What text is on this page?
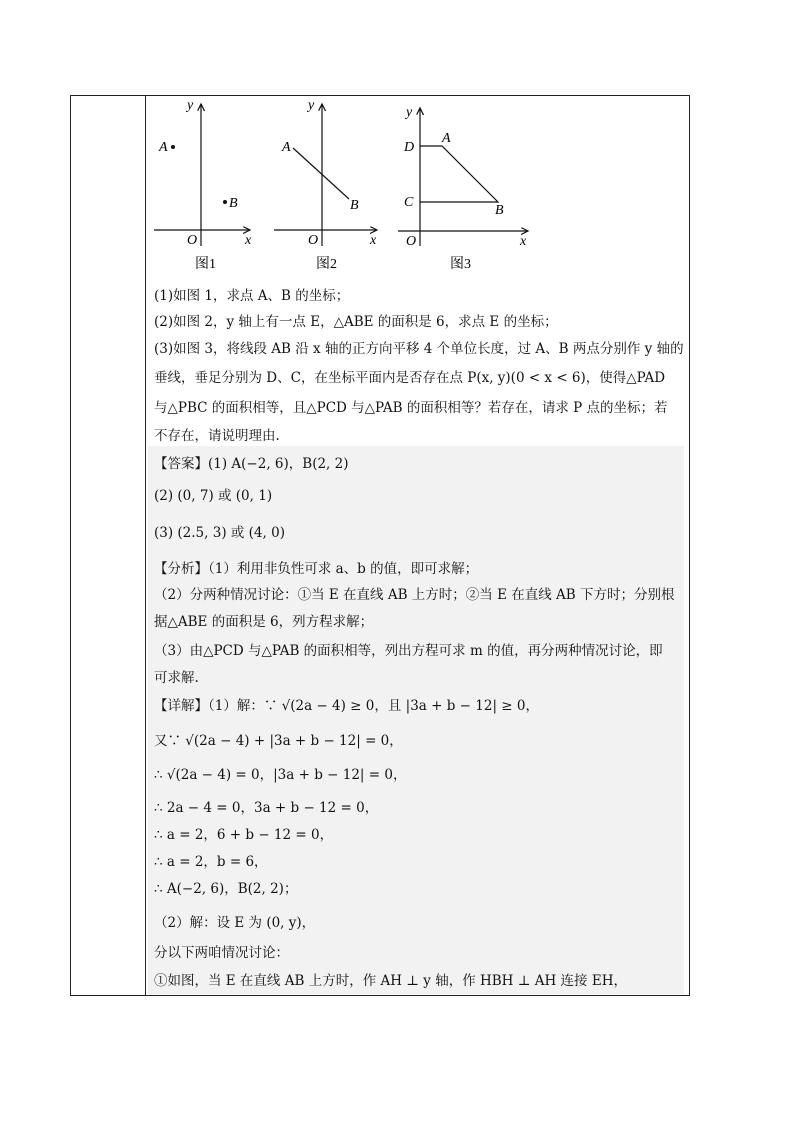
y
x
O
A
B
图1
y
x
O
A
B
图2
y
x
O
A
B
C
D
图3
(1)如图 1，求点 A、B 的坐标；
(2)如图 2，y 轴上有一点 E，△ABE 的面积是 6，求点 E 的坐标；
(3)如图 3，将线段 AB 沿 x 轴的正方向平移 4 个单位长度，过 A、B 两点分别作 y 轴的
垂线，垂足分别为 D、C，在坐标平面内是否存在点 P(x, y)(0 < x < 6)，使得△PAD
与△PBC 的面积相等，且△PCD 与△PAB 的面积相等？若存在，请求 P 点的坐标；若
不存在，请说明理由.
【答案】(1) A(−2, 6)，B(2, 2)
(2) (0, 7) 或 (0, 1)
(3) (2.5, 3) 或 (4, 0)
【分析】（1）利用非负性可求 a、b 的值，即可求解；
（2）分两种情况讨论：①当 E 在直线 AB 上方时；②当 E 在直线 AB 下方时；分别根
据△ABE 的面积是 6，列方程求解；
（3）由△PCD 与△PAB 的面积相等，列出方程可求 m 的值，再分两种情况讨论，即
可求解.
【详解】（1）解：∵ √(2a − 4) ≥ 0，且 |3a + b − 12| ≥ 0，
又∵ √(2a − 4) + |3a + b − 12| = 0，
∴ √(2a − 4) = 0，|3a + b − 12| = 0，
∴ 2a − 4 = 0，3a + b − 12 = 0，
∴ a = 2，6 + b − 12 = 0，
∴ a = 2，b = 6，
∴ A(−2, 6)，B(2, 2)；
（2）解：设 E 为 (0, y)，
分以下两咱情况讨论：
①如图，当 E 在直线 AB 上方时，作 AH ⊥ y 轴，作 HBH ⊥ AH 连接 EH，
